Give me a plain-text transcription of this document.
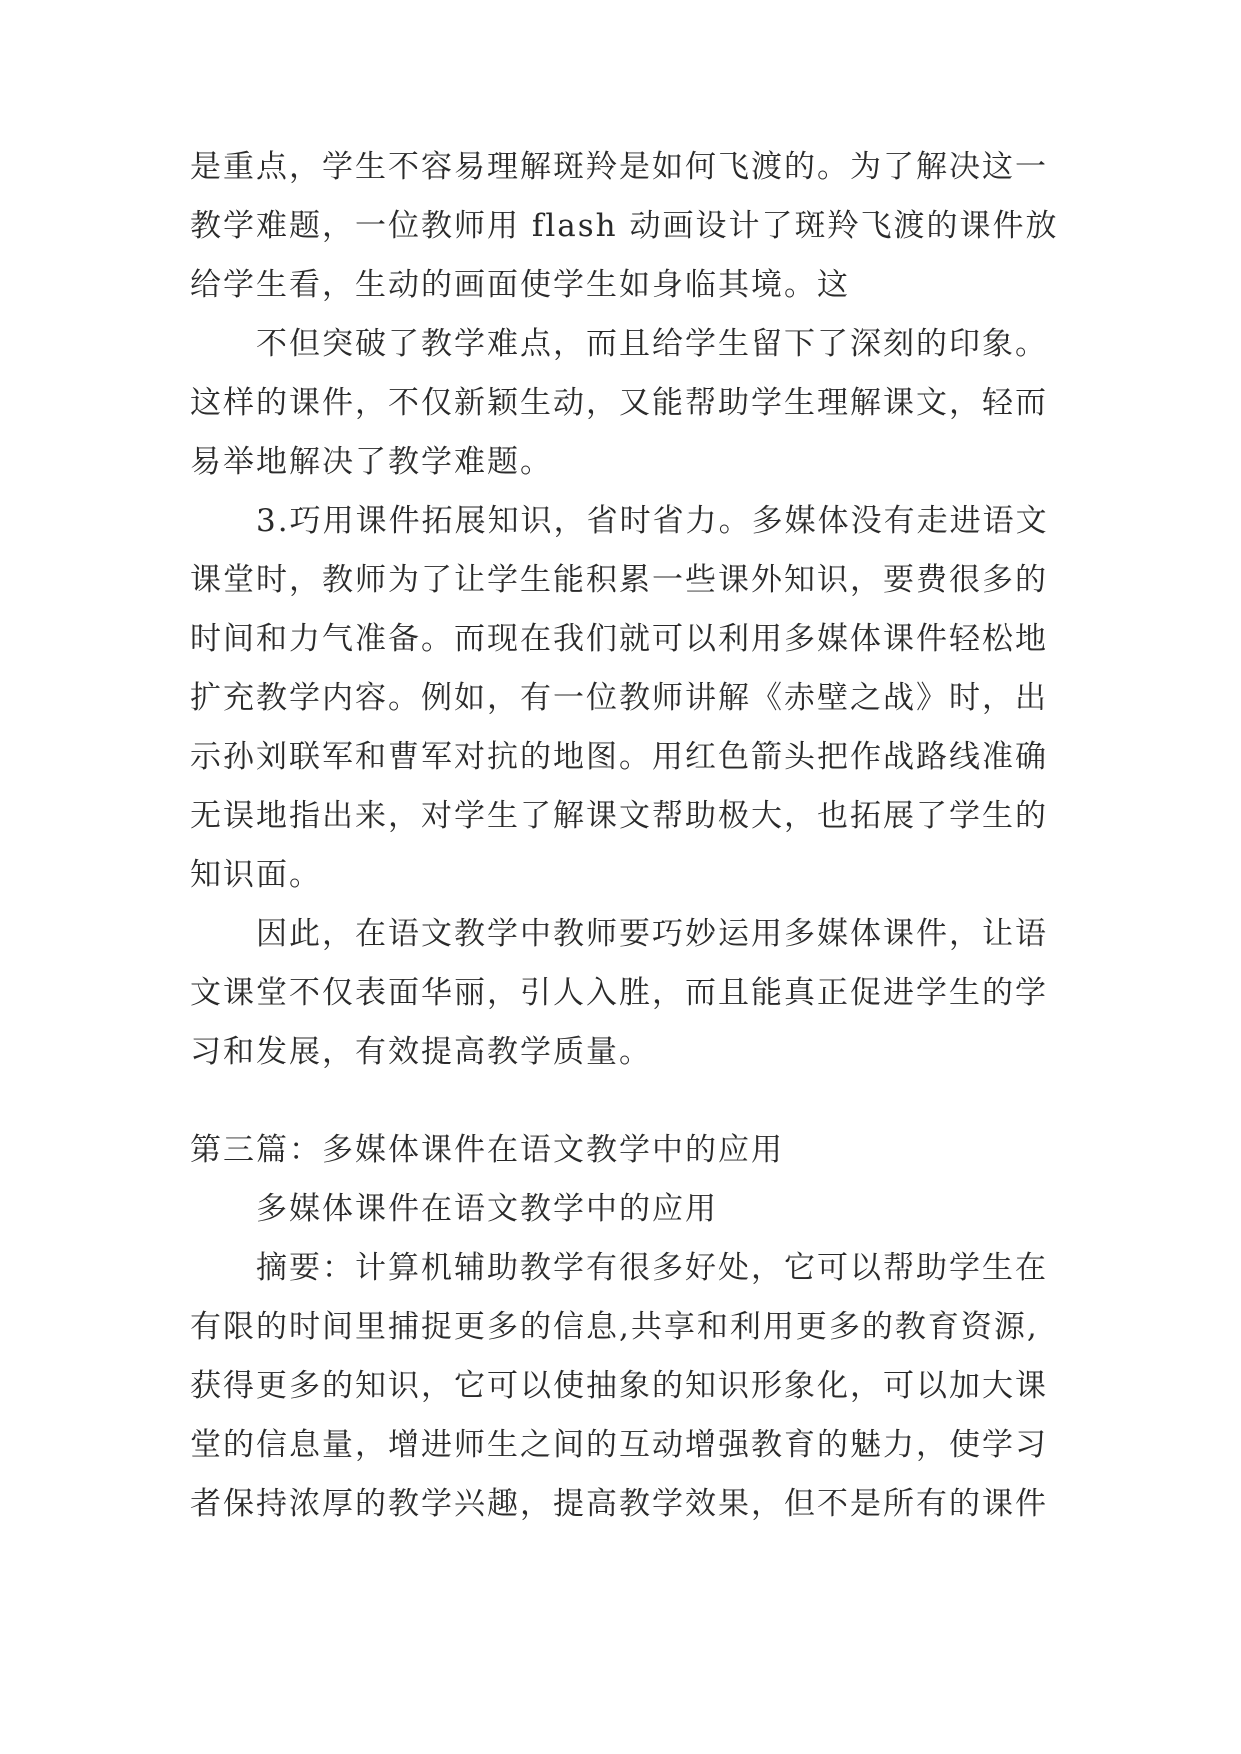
是重点，学生不容易理解斑羚是如何飞渡的。为了解决这一
教学难题，一位教师用 flash 动画设计了斑羚飞渡的课件放
给学生看，生动的画面使学生如身临其境。这
不但突破了教学难点，而且给学生留下了深刻的印象。
这样的课件，不仅新颖生动，又能帮助学生理解课文，轻而
易举地解决了教学难题。
3.巧用课件拓展知识，省时省力。多媒体没有走进语文
课堂时，教师为了让学生能积累一些课外知识，要费很多的
时间和力气准备。而现在我们就可以利用多媒体课件轻松地
扩充教学内容。例如，有一位教师讲解《赤壁之战》时，出
示孙刘联军和曹军对抗的地图。用红色箭头把作战路线准确
无误地指出来，对学生了解课文帮助极大，也拓展了学生的
知识面。
因此，在语文教学中教师要巧妙运用多媒体课件，让语
文课堂不仅表面华丽，引人入胜，而且能真正促进学生的学
习和发展，有效提高教学质量。
第三篇：多媒体课件在语文教学中的应用
多媒体课件在语文教学中的应用
摘要：计算机辅助教学有很多好处，它可以帮助学生在
有限的时间里捕捉更多的信息,共享和利用更多的教育资源,
获得更多的知识，它可以使抽象的知识形象化，可以加大课
堂的信息量，增进师生之间的互动增强教育的魅力，使学习
者保持浓厚的教学兴趣，提高教学效果，但不是所有的课件
